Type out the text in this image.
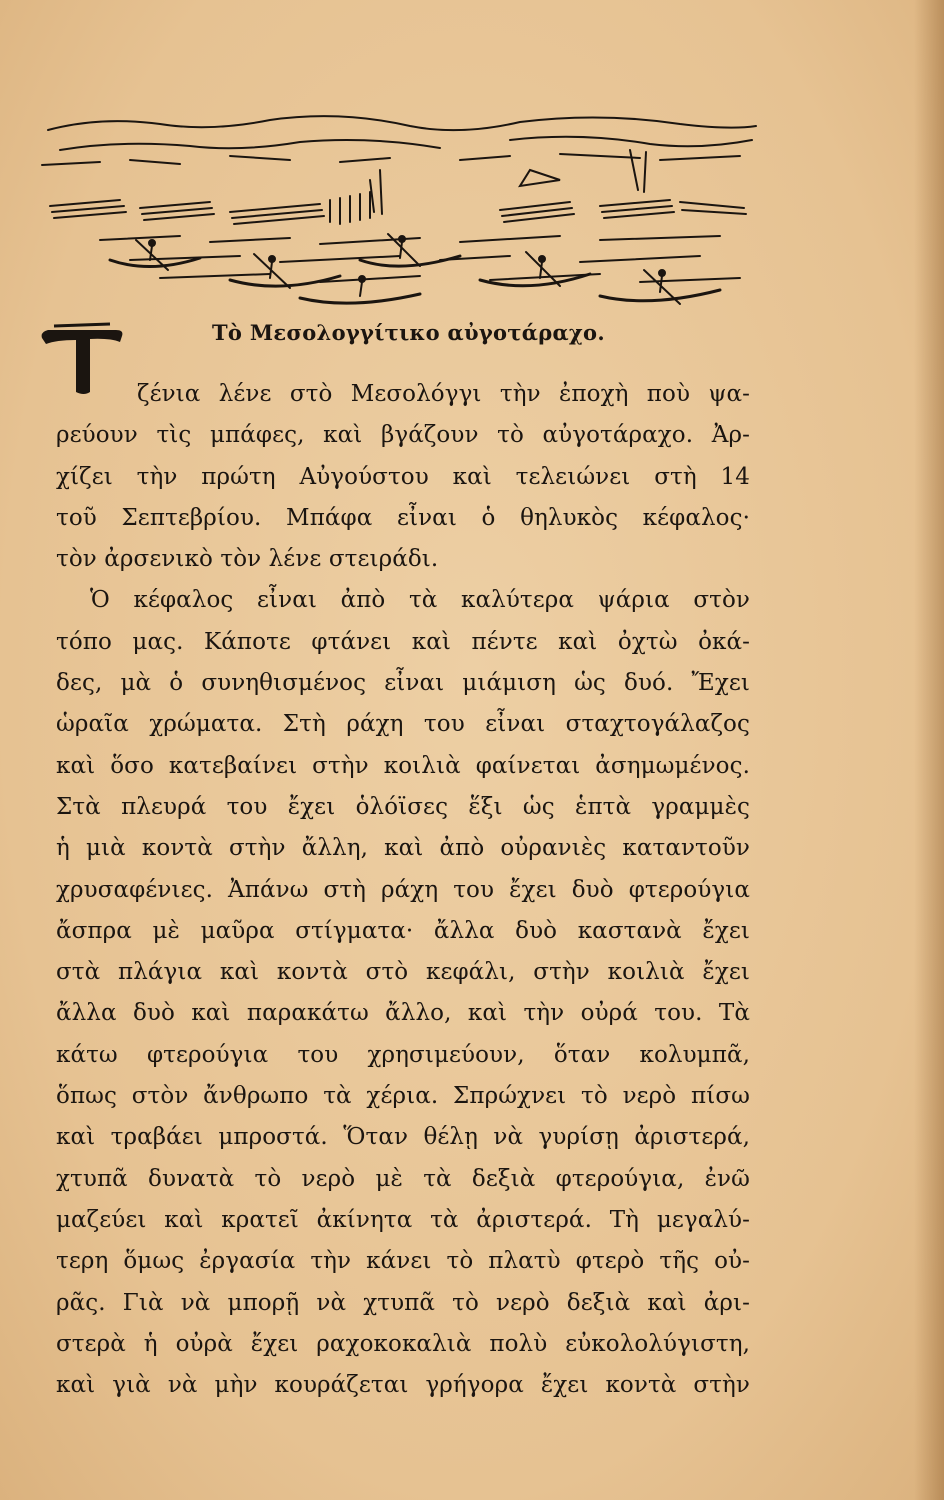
Τὸ Μεσολογγίτικο αὐγοτάραχο.
ζένια λένε στὸ Μεσολόγγι τὴν ἐποχὴ ποὺ ψα-
ρεύουν τὶς μπάφες, καὶ βγάζουν τὸ αὐγοτάραχο. Ἀρ-
χίζει τὴν πρώτη Αὐγούστου καὶ τελειώνει στὴ 14
τοῦ Σεπτεβρίου. Μπάφα εἶναι ὁ θηλυκὸς κέφαλος·
τὸν ἀρσενικὸ τὸν λένε στειράδι.
Ὁ κέφαλος εἶναι ἀπὸ τὰ καλύτερα ψάρια στὸν
τόπο μας. Κάποτε φτάνει καὶ πέντε καὶ ὀχτὼ ὀκά-
δες, μὰ ὁ συνηθισμένος εἶναι μιάμιση ὡς δυό. Ἔχει
ὡραῖα χρώματα. Στὴ ράχη του εἶναι σταχτογάλαζος
καὶ ὅσο κατεβαίνει στὴν κοιλιὰ φαίνεται ἀσημωμένος.
Στὰ πλευρά του ἔχει ὁλόϊσες ἕξι ὡς ἑπτὰ γραμμὲς
ἡ μιὰ κοντὰ στὴν ἄλλη, καὶ ἀπὸ οὐρανιὲς καταντοῦν
χρυσαφένιες. Ἀπάνω στὴ ράχη του ἔχει δυὸ φτερούγια
ἄσπρα μὲ μαῦρα στίγματα· ἄλλα δυὸ καστανὰ ἔχει
στὰ πλάγια καὶ κοντὰ στὸ κεφάλι, στὴν κοιλιὰ ἔχει
ἄλλα δυὸ καὶ παρακάτω ἄλλο, καὶ τὴν οὐρά του. Τὰ
κάτω φτερούγια του χρησιμεύουν, ὅταν κολυμπᾶ,
ὅπως στὸν ἄνθρωπο τὰ χέρια. Σπρώχνει τὸ νερὸ πίσω
καὶ τραβάει μπροστά. Ὅταν θέλῃ νὰ γυρίσῃ ἀριστερά,
χτυπᾶ δυνατὰ τὸ νερὸ μὲ τὰ δεξιὰ φτερούγια, ἐνῶ
μαζεύει καὶ κρατεῖ ἀκίνητα τὰ ἀριστερά. Τὴ μεγαλύ-
τερη ὅμως ἐργασία τὴν κάνει τὸ πλατὺ φτερὸ τῆς οὐ-
ρᾶς. Γιὰ νὰ μπορῇ νὰ χτυπᾶ τὸ νερὸ δεξιὰ καὶ ἀρι-
στερὰ ἡ οὐρὰ ἔχει ραχοκοκαλιὰ πολὺ εὐκολολύγιστη,
καὶ γιὰ νὰ μὴν κουράζεται γρήγορα ἔχει κοντὰ στὴν
